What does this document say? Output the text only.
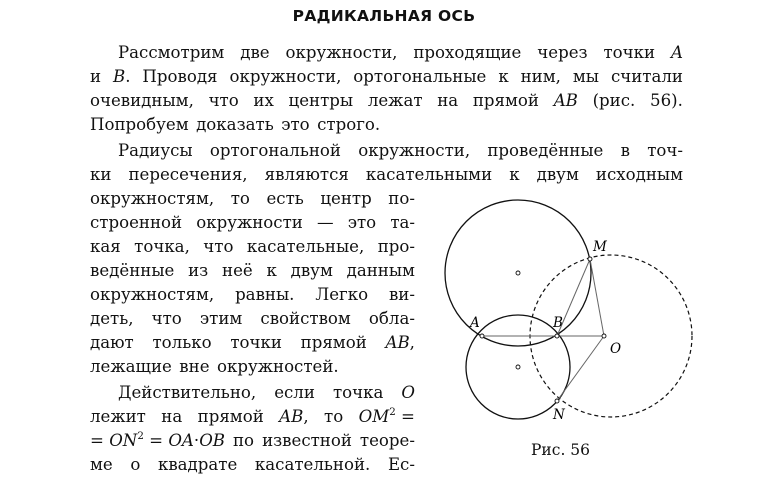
РАДИКАЛЬНАЯ ОСЬ
Рассмотрим две окружности, проходящие через точки A
и B. Проводя окружности, ортогональные к ним, мы считали
очевидным, что их центры лежат на прямой AB (рис. 56).
Попробуем доказать это строго.
Радиусы ортогональной окружности, проведённые в точ-
ки пересечения, являются касательными к двум исходным
окружностям, то есть центр по-
строенной окружности — это та-
кая точка, что касательные, про-
ведённые из неё к двум данным
окружностям, равны. Легко ви-
деть, что этим свойством обла-
дают только точки прямой AB,
лежащие вне окружностей.
Действительно, если точка O
лежит на прямой AB, то $OM^2$ =
= $ON^2 = OA\cdot OB$ по известной теоре-
ме о квадрате касательной. Ес-
M
A	B
O
N
Рис. 56
